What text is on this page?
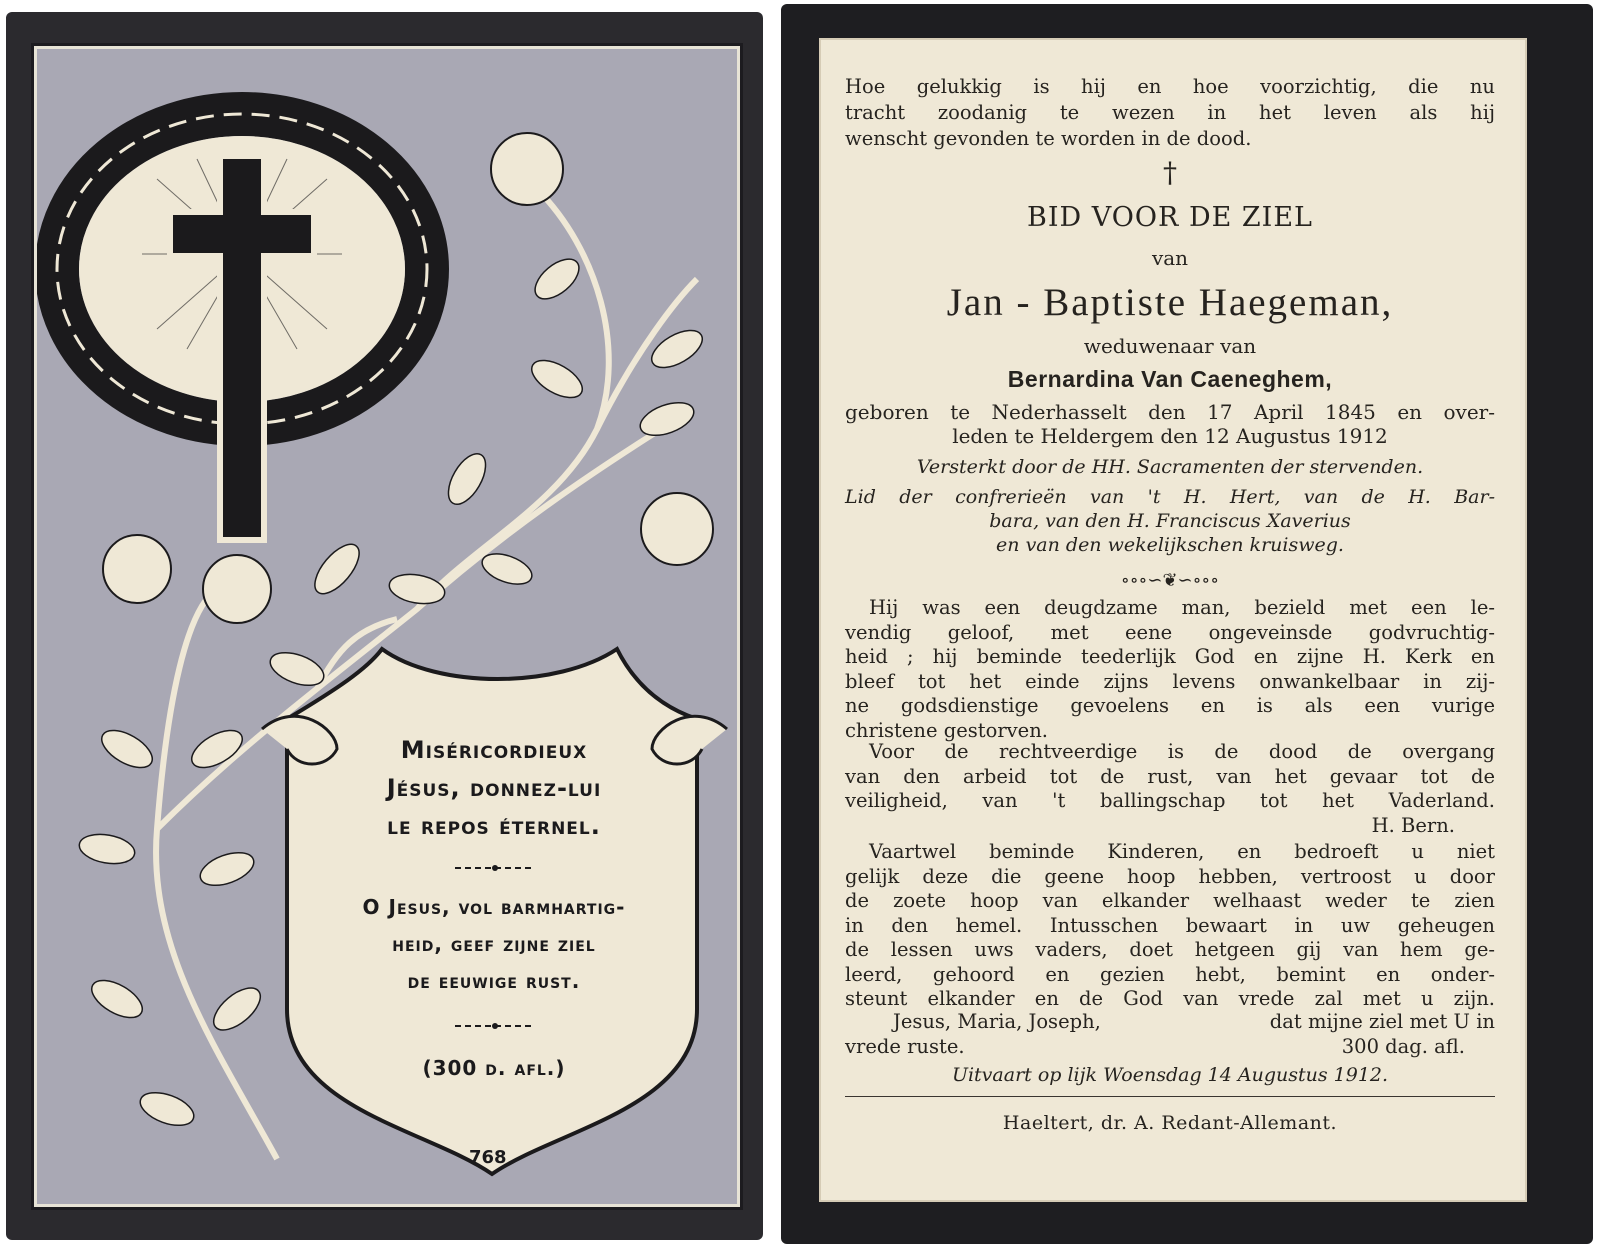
Miséricordieux
Jésus, donnez-lui
le repos éternel.
O Jesus, vol barmhartig-
heid, geef zijne ziel
de eeuwige rust.
(300 d. afl.)
768
Hoe gelukkig is hij en hoe voorzichtig, die nu
tracht zoodanig te wezen in het leven als hij
wenscht gevonden te worden in de dood.
†
BID VOOR DE ZIEL
van
Jan - Baptiste Haegeman,
weduwenaar van
Bernardina Van Caeneghem,
geboren te Nederhasselt den 17 April 1845 en over-
leden te Heldergem den 12 Augustus 1912
Versterkt door de HH. Sacramenten der stervenden.
Lid der confrerieën van 't H. Hert, van de H. Bar-
bara, van den H. Franciscus Xaverius
en van den wekelijkschen kruisweg.
∘∘∘∽❦∽∘∘∘
Hij was een deugdzame man, bezield met een le-
vendig geloof, met eene ongeveinsde godvruchtig-
heid ; hij beminde teederlijk God en zijne H. Kerk en
bleef tot het einde zijns levens onwankelbaar in zij-
ne godsdienstige gevoelens en is als een vurige
christene gestorven.
Voor de rechtveerdige is de dood de overgang
van den arbeid tot de rust, van het gevaar tot de
veiligheid, van 't ballingschap tot het Vaderland.
H. Bern.
Vaartwel beminde Kinderen, en bedroeft u niet
gelijk deze die geene hoop hebben, vertroost u door
de zoete hoop van elkander welhaast weder te zien
in den hemel. Intusschen bewaart in uw geheugen
de lessen uws vaders, doet hetgeen gij van hem ge-
leerd, gehoord en gezien hebt, bemint en onder-
steunt elkander en de God van vrede zal met u zijn.
Jesus, Maria, Joseph,	dat mijne ziel met U in
vrede ruste.	300 dag. afl.
Uitvaart op lijk Woensdag 14 Augustus 1912.
Haeltert, dr. A. Redant-Allemant.
